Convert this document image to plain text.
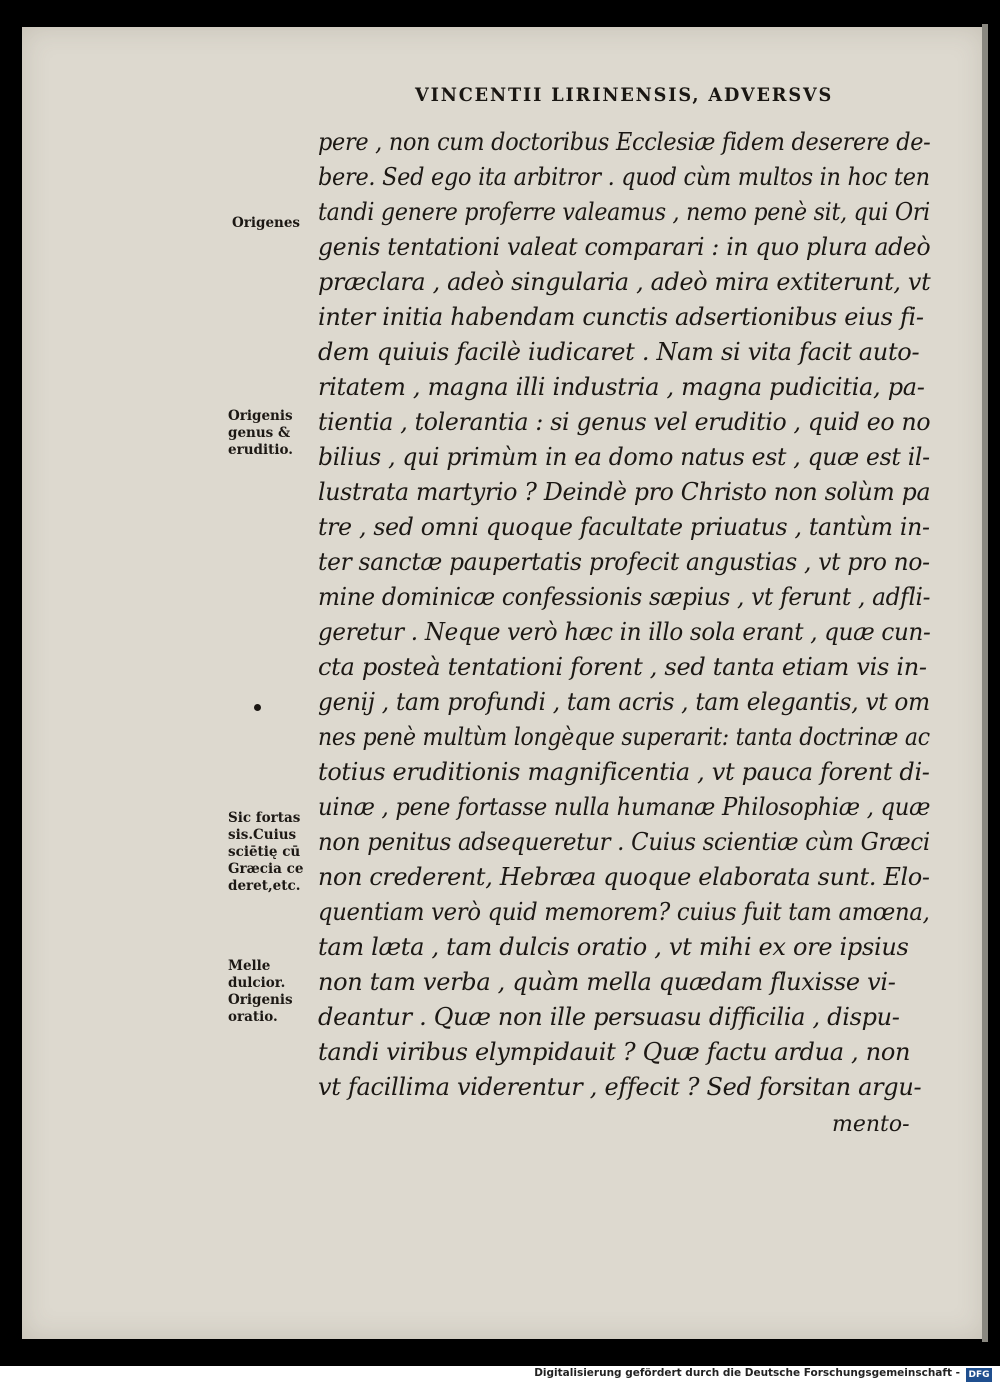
VINCENTII LIRINENSIS, ADVERSVS
pere , non cum doctoribus Ecclesiæ fidem deserere de-
bere. Sed ego ita arbitror . quod cùm multos in hoc ten
tandi genere proferre valeamus , nemo penè sit, qui Ori
genis tentationi valeat comparari : in quo plura adeò
præclara , adeò singularia , adeò mira extiterunt, vt
inter initia habendam cunctis adsertionibus eius fi-
dem quiuis facilè iudicaret . Nam si vita facit auto-
ritatem , magna illi industria , magna pudicitia, pa-
tientia , tolerantia : si genus vel eruditio , quid eo no
bilius , qui primùm in ea domo natus est , quæ est il-
lustrata martyrio ? Deindè pro Christo non solùm pa
tre , sed omni quoque facultate priuatus , tantùm in-
ter sanctæ paupertatis profecit angustias , vt pro no-
mine dominicæ confessionis sæpius , vt ferunt , adfli-
geretur . Neque verò hæc in illo sola erant , quæ cun-
cta posteà tentationi forent , sed tanta etiam vis in-
genij , tam profundi , tam acris , tam elegantis, vt om
nes penè multùm longèque superarit: tanta doctrinæ ac
totius eruditionis magnificentia , vt pauca forent di-
uinæ , pene fortasse nulla humanæ Philosophiæ , quæ
non penitus adsequeretur . Cuius scientiæ cùm Græci
non crederent, Hebræa quoque elaborata sunt. Elo-
quentiam verò quid memorem? cuius fuit tam amœna,
tam læta , tam dulcis oratio , vt mihi ex ore ipsius
non tam verba , quàm mella quædam fluxisse vi-
deantur . Quæ non ille persuasu difficilia , dispu-
tandi viribus elympidauit ? Quæ factu ardua , non
vt facillima viderentur , effecit ? Sed forsitan argu-
mento-
Origenes
Origenis
genus &
eruditio.
Sic fortas
sis.Cuius
sciētię cū
Græcia ce
deret,etc.
Melle
dulcior.
Origenis
oratio.
Digitalisierung gefördert durch die Deutsche Forschungsgemeinschaft - DFG
